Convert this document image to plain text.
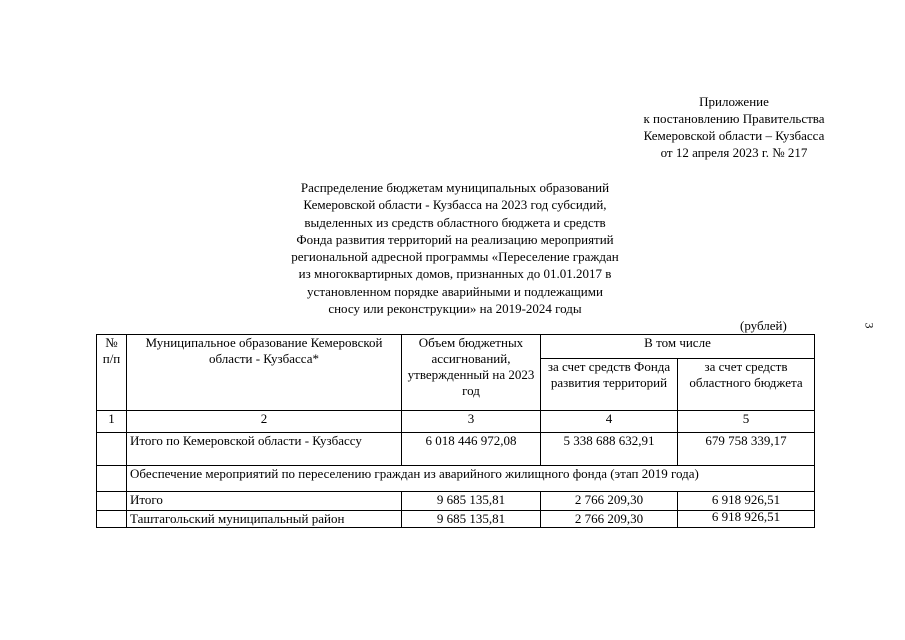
Приложение
к постановлению Правительства
Кемеровской области – Кузбасса
от 12 апреля 2023 г. № 217
Распределение бюджетам муниципальных образований
Кемеровской области - Кузбасса на 2023 год субсидий,
выделенных из средств областного бюджета и средств
Фонда развития территорий на реализацию мероприятий
региональной адресной программы «Переселение граждан
из многоквартирных домов, признанных до 01.01.2017 в
установленном порядке аварийными и подлежащими
сносу или реконструкции» на 2019-2024 годы
(рублей)	3
№ п/п	Муниципальное образование Кемеровской области - Кузбасса*	Объем бюджетных ассигнований, утвержденный на 2023 год	В том числе	
			за счет средств Фонда развития территорий	за счет средств областного бюджета
1	2	3	4	5
	Итого по Кемеровской области - Кузбассу	6 018 446 972,08	5 338 688 632,91	679 758 339,17
	Обеспечение мероприятий по переселению граждан из аварийного жилищного фонда (этап 2019 года)			
	Итого	9 685 135,81	2 766 209,30	6 918 926,51
	Таштагольский муниципальный район	9 685 135,81	2 766 209,30	6 918 926,51
